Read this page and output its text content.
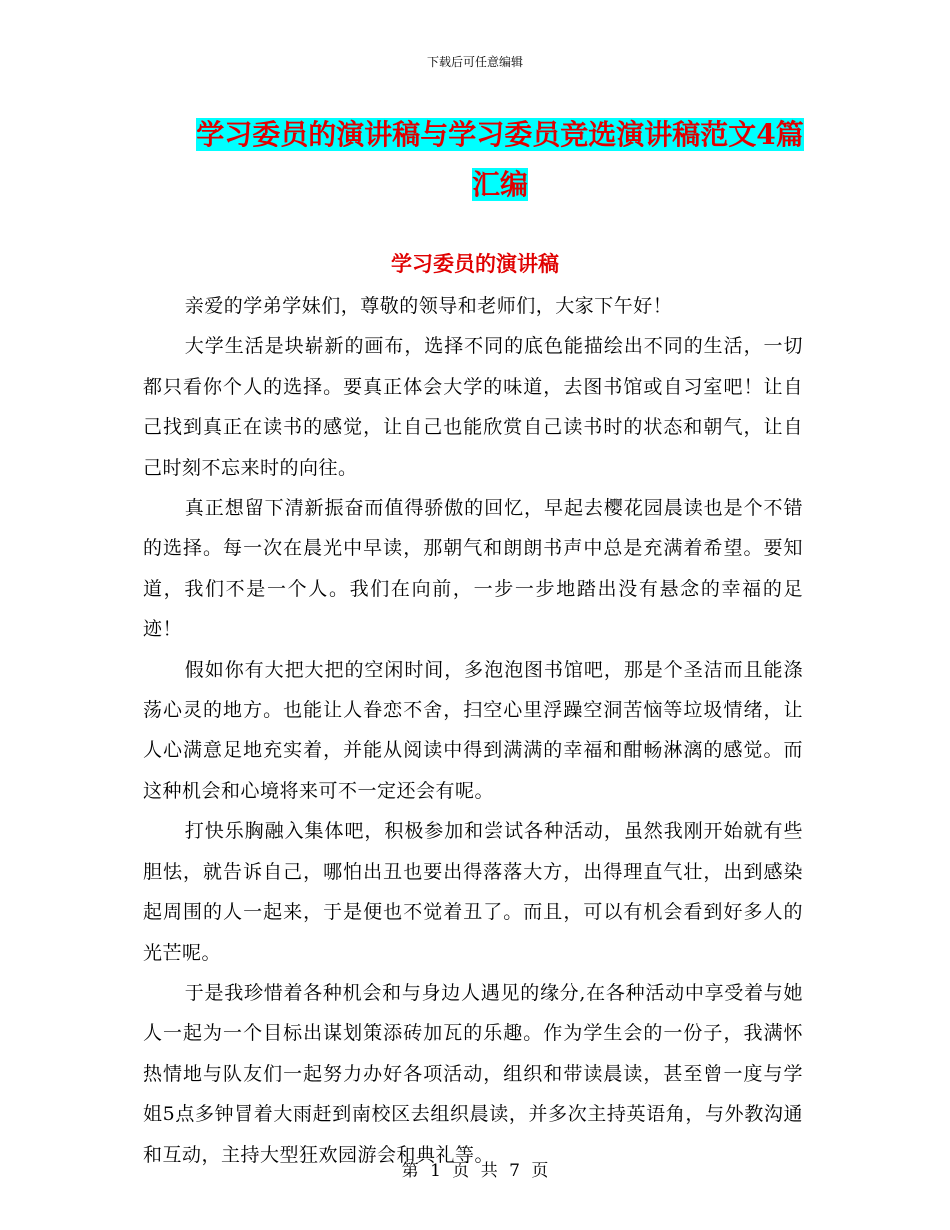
下载后可任意编辑
学习委员的演讲稿与学习委员竞选演讲稿范文4篇汇编
学习委员的演讲稿

亲爱的学弟学妹们，尊敬的领导和老师们，大家下午好！

大学生活是块崭新的画布，选择不同的底色能描绘出不同的生活，一切都只看你个人的选择。要真正体会大学的味道，去图书馆或自习室吧！让自己找到真正在读书的感觉，让自己也能欣赏自己读书时的状态和朝气，让自己时刻不忘来时的向往。

真正想留下清新振奋而值得骄傲的回忆，早起去樱花园晨读也是个不错的选择。每一次在晨光中早读，那朝气和朗朗书声中总是充满着希望。要知道，我们不是一个人。我们在向前，一步一步地踏出没有悬念的幸福的足迹！

假如你有大把大把的空闲时间，多泡泡图书馆吧，那是个圣洁而且能涤荡心灵的地方。也能让人眷恋不舍，扫空心里浮躁空洞苦恼等垃圾情绪，让人心满意足地充实着，并能从阅读中得到满满的幸福和酣畅淋漓的感觉。而这种机会和心境将来可不一定还会有呢。

打快乐胸融入集体吧，积极参加和尝试各种活动，虽然我刚开始就有些胆怯，就告诉自己，哪怕出丑也要出得落落大方，出得理直气壮，出到感染起周围的人一起来，于是便也不觉着丑了。而且，可以有机会看到好多人的光芒呢。

于是我珍惜着各种机会和与身边人遇见的缘分,在各种活动中享受着与她人一起为一个目标出谋划策添砖加瓦的乐趣。作为学生会的一份子，我满怀热情地与队友们一起努力办好各项活动，组织和带读晨读，甚至曾一度与学姐5点多钟冒着大雨赶到南校区去组织晨读，并多次主持英语角，与外教沟通和互动，主持大型狂欢园游会和典礼等。

第 1 页 共 7 页
